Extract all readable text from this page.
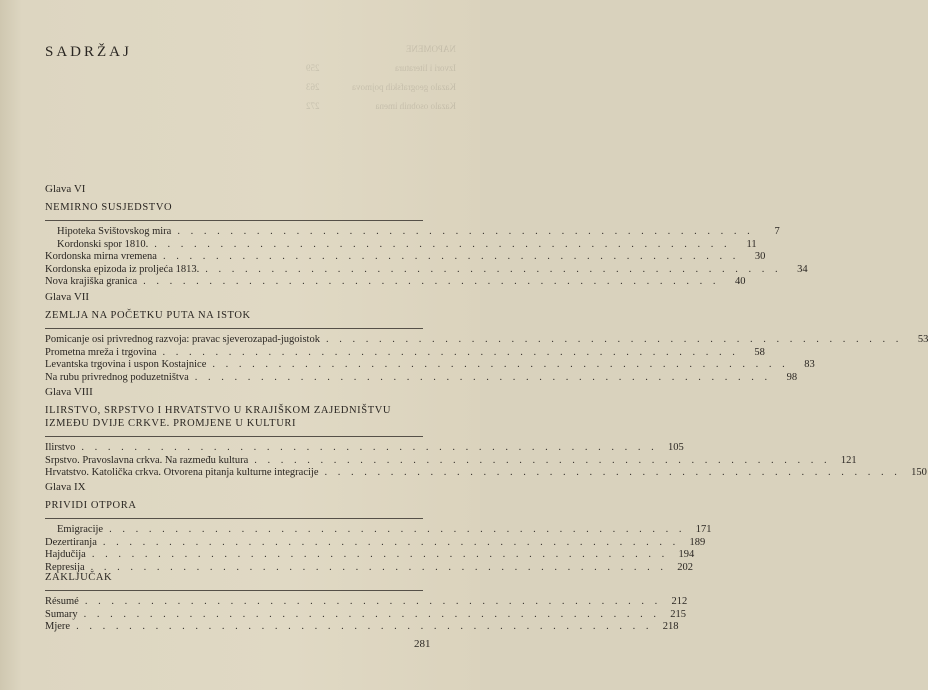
NAPOMENE
Izvori i literatura
259
Kazalo geografskih pojmova
263
Kazalo osobnih imena
272
SADRŽAJ
Glava VI
NEMIRNO SUSJEDSTVO
Hipoteka Svištovskog mira . . . . . . . . . . . . . . . . . . . . . . . . . . . . . . . . . . . . . . . . . . . .	7
Kordonski spor 1810. . . . . . . . . . . . . . . . . . . . . . . . . . . . . . . . . . . . . . . . . . . . .	11
Kordonska mirna vremena . . . . . . . . . . . . . . . . . . . . . . . . . . . . . . . . . . . . . . . . . . . .	30
Kordonska epizoda iz proljeća 1813. . . . . . . . . . . . . . . . . . . . . . . . . . . . . . . . . . . . . . . . . . . . .	34
Nova krajiška granica . . . . . . . . . . . . . . . . . . . . . . . . . . . . . . . . . . . . . . . . . . . .	40
Glava VII
ZEMLJA NA POČETKU PUTA NA ISTOK
Pomicanje osi privrednog razvoja: pravac sjeverozapad-jugoistok . . . . . . . . . . . . . . . . . . . . . . . . . . . . . . . . . . . . . . . . . . . .	53
Prometna mreža i trgovina . . . . . . . . . . . . . . . . . . . . . . . . . . . . . . . . . . . . . . . . . . . .	58
Levantska trgovina i uspon Kostajnice . . . . . . . . . . . . . . . . . . . . . . . . . . . . . . . . . . . . . . . . . . . .	83
Na rubu privrednog poduzetništva . . . . . . . . . . . . . . . . . . . . . . . . . . . . . . . . . . . . . . . . . . . .	98
Glava VIII
ILIRSTVO, SRPSTVO I HRVATSTVO U KRAJIŠKOM ZAJEDNIŠTVU IZMEĐU DVIJE CRKVE. PROMJENE U KULTURI
Ilirstvo . . . . . . . . . . . . . . . . . . . . . . . . . . . . . . . . . . . . . . . . . . . . 105
Srpstvo. Pravoslavna crkva. Na razmeđu kultura . . . . . . . . . . . . . . . . . . . . . . . . . . . . . . . . . . . . . . . . . . . . 121
Hrvatstvo. Katolička crkva. Otvorena pitanja kulturne integracije . . . . . . . . . . . . . . . . . . . . . . . . . . . . . . . . . . . . . . . . . . . . 150
Glava IX
PRIVIDI OTPORA
Emigracije . . . . . . . . . . . . . . . . . . . . . . . . . . . . . . . . . . . . . . . . . . . . 171
Dezertiranja . . . . . . . . . . . . . . . . . . . . . . . . . . . . . . . . . . . . . . . . . . . . 189
Hajdučija . . . . . . . . . . . . . . . . . . . . . . . . . . . . . . . . . . . . . . . . . . . . 194
Represija . . . . . . . . . . . . . . . . . . . . . . . . . . . . . . . . . . . . . . . . . . . . 202
ZAKLJUČAK
Résumé . . . . . . . . . . . . . . . . . . . . . . . . . . . . . . . . . . . . . . . . . . . . 212
Sumary . . . . . . . . . . . . . . . . . . . . . . . . . . . . . . . . . . . . . . . . . . . . 215
Mjere . . . . . . . . . . . . . . . . . . . . . . . . . . . . . . . . . . . . . . . . . . . . 218
281
